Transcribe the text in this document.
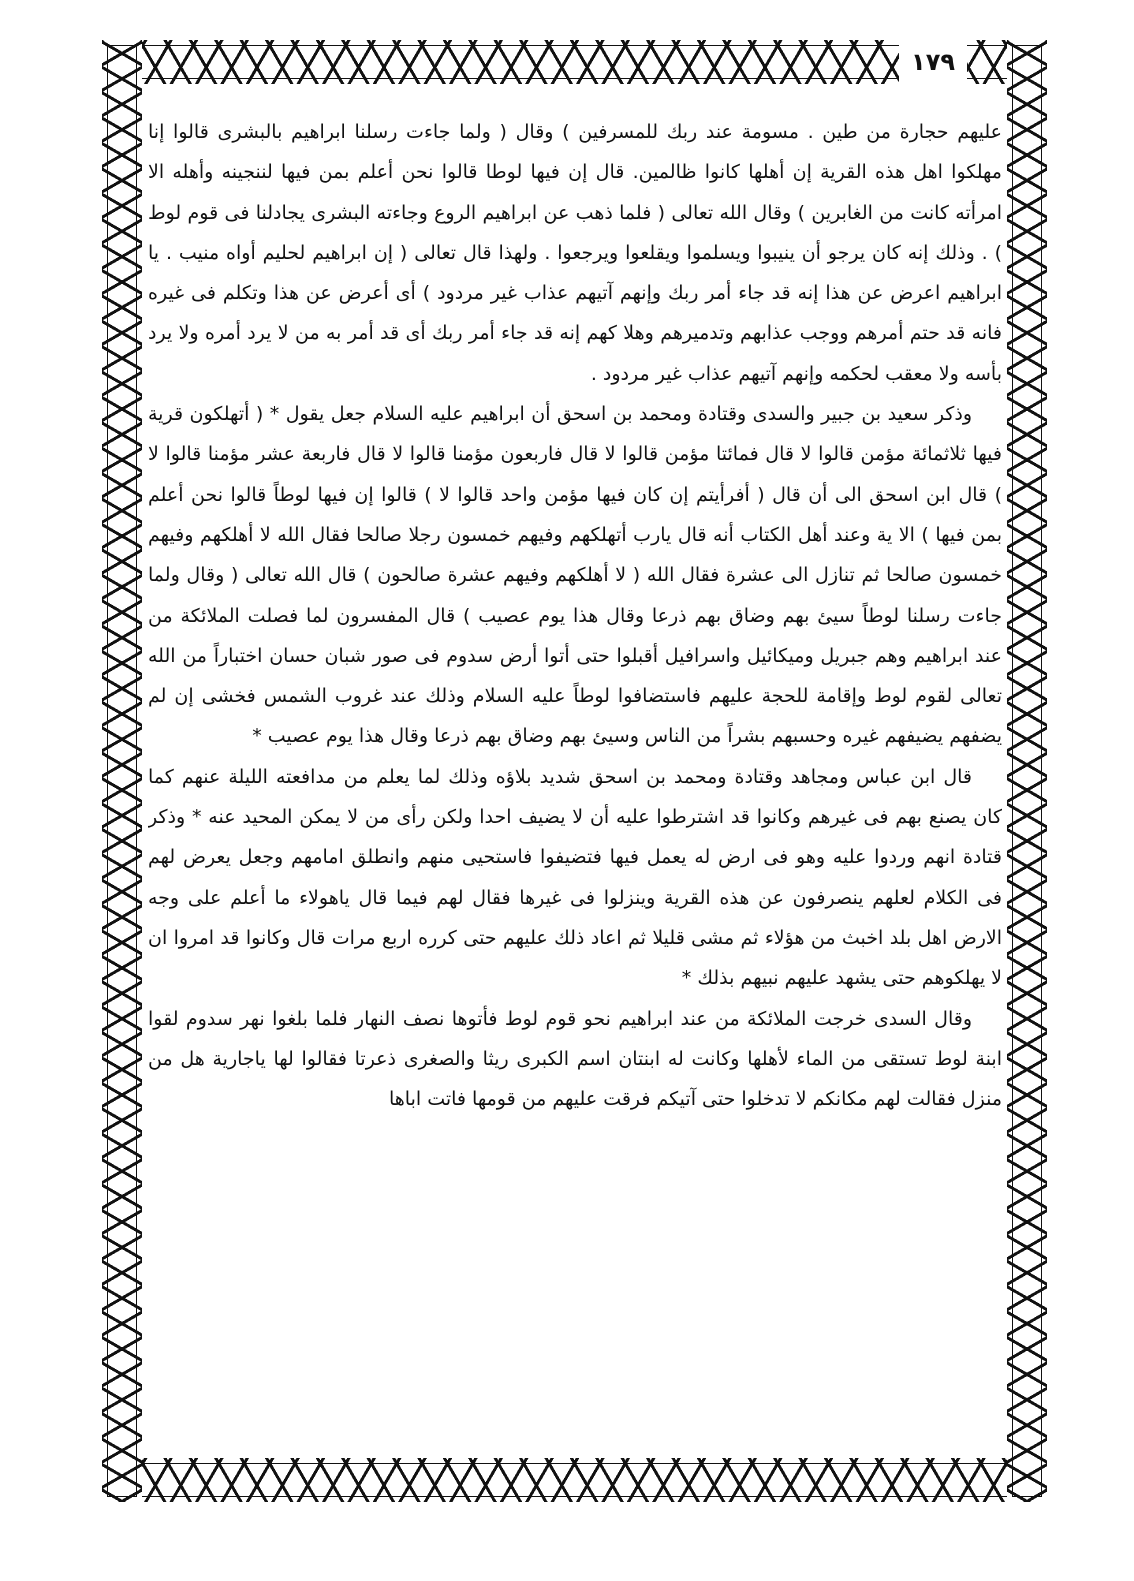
١٧٩

عليهم حجارة من طين . مسومة عند ربك للمسرفين ) وقال ( ولما جاءت رسلنا ابراهيم بالبشرى قالوا إنا مهلكوا اهل هذه القرية إن أهلها كانوا ظالمين. قال إن فيها لوطا قالوا نحن أعلم بمن فيها لننجينه وأهله الا امرأته كانت من الغابرين ) وقال الله تعالى ( فلما ذهب عن ابراهيم الروع وجاءته البشرى يجادلنا فى قوم لوط ) . وذلك إنه كان يرجو أن ينيبوا ويسلموا ويقلعوا ويرجعوا . ولهذا قال تعالى ( إن ابراهيم لحليم أواه منيب . يا ابراهيم اعرض عن هذا إنه قد جاء أمر ربك وإنهم آتيهم عذاب غير مردود ) أى أعرض عن هذا وتكلم فى غيره فانه قد حتم أمرهم ووجب عذابهم وتدميرهم وهلا كهم إنه قد جاء أمر ربك أى قد أمر به من لا يرد أمره ولا يرد بأسه ولا معقب لحكمه وإنهم آتيهم عذاب غير مردود .

وذكر سعيد بن جبير والسدى وقتادة ومحمد بن اسحق أن ابراهيم عليه السلام جعل يقول * ( أتهلكون قرية فيها ثلاثمائة مؤمن قالوا لا قال فمائتا مؤمن قالوا لا قال فاربعون مؤمنا قالوا لا قال فاربعة عشر مؤمنا قالوا لا ) قال ابن اسحق الى أن قال ( أفرأيتم إن كان فيها مؤمن واحد قالوا لا ) قالوا إن فيها لوطاً قالوا نحن أعلم بمن فيها ) الا ية وعند أهل الكتاب أنه قال يارب أتهلكهم وفيهم خمسون رجلا صالحا فقال الله لا أهلكهم وفيهم خمسون صالحا ثم تنازل الى عشرة فقال الله ( لا أهلكهم وفيهم عشرة صالحون ) قال الله تعالى ( وقال ولما جاءت رسلنا لوطاً سيئ بهم وضاق بهم ذرعا وقال هذا يوم عصيب ) قال المفسرون لما فصلت الملائكة من عند ابراهيم وهم جبريل وميكائيل واسرافيل أقبلوا حتى أتوا أرض سدوم فى صور شبان حسان اختباراً من الله تعالى لقوم لوط وإقامة للحجة عليهم فاستضافوا لوطاً عليه السلام وذلك عند غروب الشمس فخشى إن لم يضفهم يضيفهم غيره وحسبهم بشراً من الناس وسيئ بهم وضاق بهم ذرعا وقال هذا يوم عصيب *

قال ابن عباس ومجاهد وقتادة ومحمد بن اسحق شديد بلاؤه وذلك لما يعلم من مدافعته الليلة عنهم كما كان يصنع بهم فى غيرهم وكانوا قد اشترطوا عليه أن لا يضيف احدا ولكن رأى من لا يمكن المحيد عنه * وذكر قتادة انهم وردوا عليه وهو فى ارض له يعمل فيها فتضيفوا فاستحيى منهم وانطلق امامهم وجعل يعرض لهم فى الكلام لعلهم ينصرفون عن هذه القرية وينزلوا فى غيرها فقال لهم فيما قال ياهولاء ما أعلم على وجه الارض اهل بلد اخبث من هؤلاء ثم مشى قليلا ثم اعاد ذلك عليهم حتى كرره اربع مرات قال وكانوا قد امروا ان لا يهلكوهم حتى يشهد عليهم نبيهم بذلك *

وقال السدى خرجت الملائكة من عند ابراهيم نحو قوم لوط فأتوها نصف النهار فلما بلغوا نهر سدوم لقوا ابنة لوط تستقى من الماء لأهلها وكانت له ابنتان اسم الكبرى ريثا والصغرى ذعرتا فقالوا لها ياجارية هل من منزل فقالت لهم مكانكم لا تدخلوا حتى آتيكم فرقت عليهم من قومها فاتت اباها
